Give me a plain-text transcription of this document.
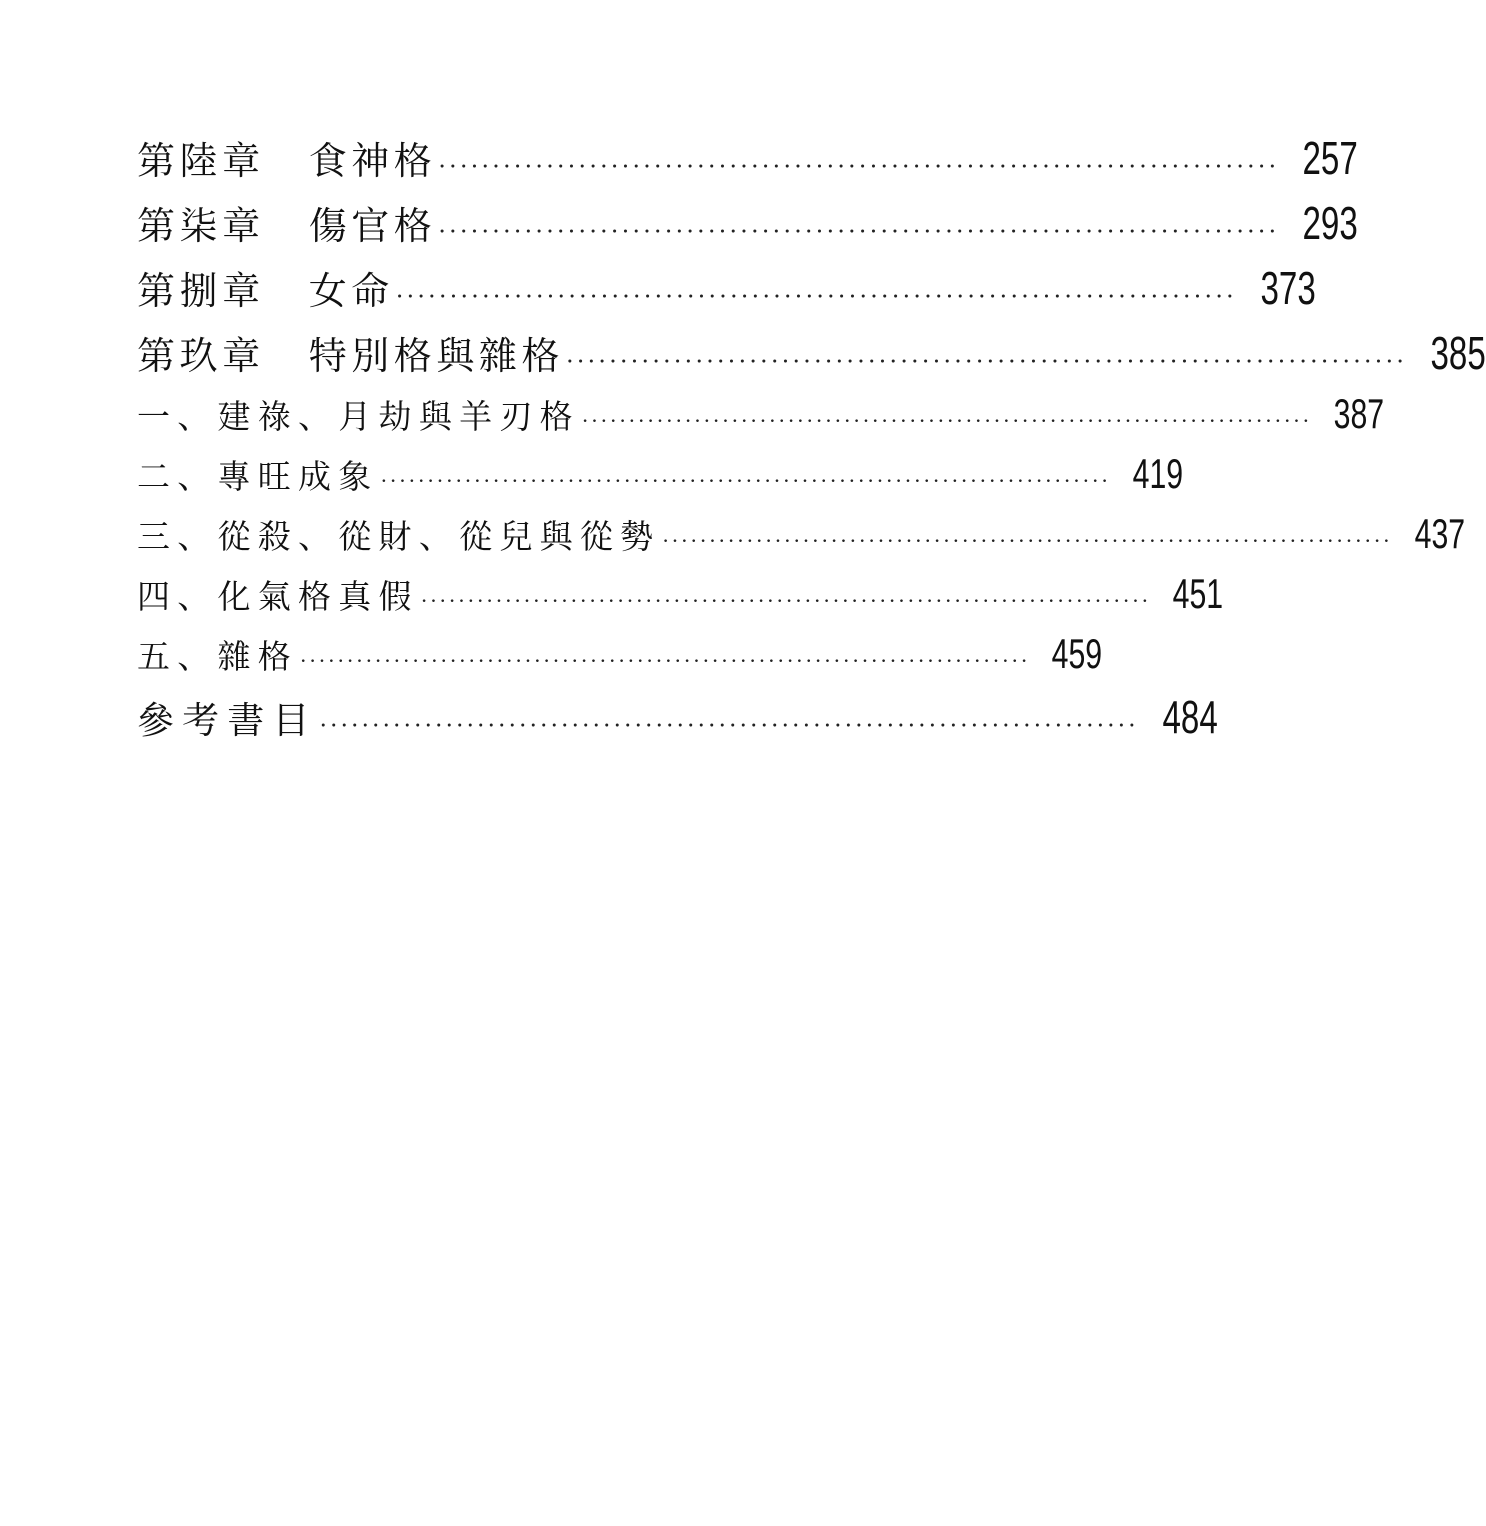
第陸章 食神格 ·············································································· 257
第柒章 傷官格 ·············································································· 293
第捌章 女命 ·············································································· 373
第玖章 特別格與雜格 ·············································································· 385
一、建祿、月劫與羊刃格 ·············································································· 387
二、專旺成象 ·············································································· 419
三、從殺、從財、從兒與從勢 ·············································································· 437
四、化氣格真假 ·············································································· 451
五、雜格 ·············································································· 459
參考書目 ·············································································· 484
